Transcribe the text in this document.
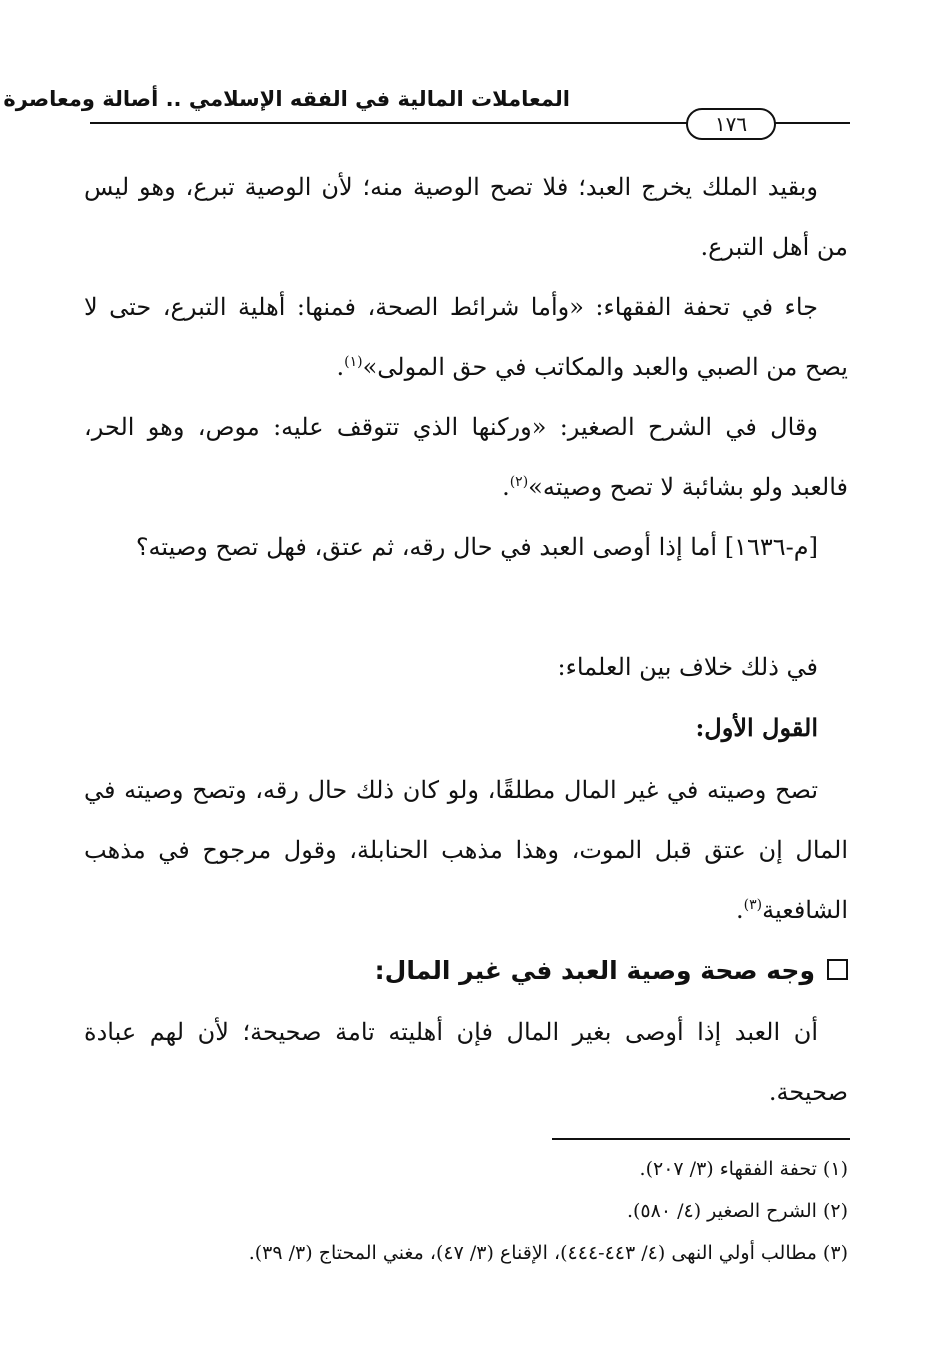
المعاملات المالية في الفقه الإسلامي .. أصالة ومعاصرة
١٧٦

وبقيد الملك يخرج العبد؛ فلا تصح الوصية منه؛ لأن الوصية تبرع، وهو ليس من أهل التبرع.

جاء في تحفة الفقهاء: «وأما شرائط الصحة، فمنها: أهلية التبرع، حتى لا يصح من الصبي والعبد والمكاتب في حق المولى»$^{(١)}$.

وقال في الشرح الصغير: «وركنها الذي تتوقف عليه: موص، وهو الحر، فالعبد ولو بشائبة لا تصح وصيته»$^{(٢)}$.

[م-١٦٣٦] أما إذا أوصى العبد في حال رقه، ثم عتق، فهل تصح وصيته؟

في ذلك خلاف بين العلماء:

القول الأول:

تصح وصيته في غير المال مطلقًا، ولو كان ذلك حال رقه، وتصح وصيته في المال إن عتق قبل الموت، وهذا مذهب الحنابلة، وقول مرجوح في مذهب الشافعية$^{(٣)}$.

وجه صحة وصية العبد في غير المال:

أن العبد إذا أوصى بغير المال فإن أهليته تامة صحيحة؛ لأن لهم عبادة صحيحة.

(١) تحفة الفقهاء (٣/ ٢٠٧).
(٢) الشرح الصغير (٤/ ٥٨٠).
(٣) مطالب أولي النهى (٤/ ٤٤٣-٤٤٤)، الإقناع (٣/ ٤٧)، مغني المحتاج (٣/ ٣٩).
